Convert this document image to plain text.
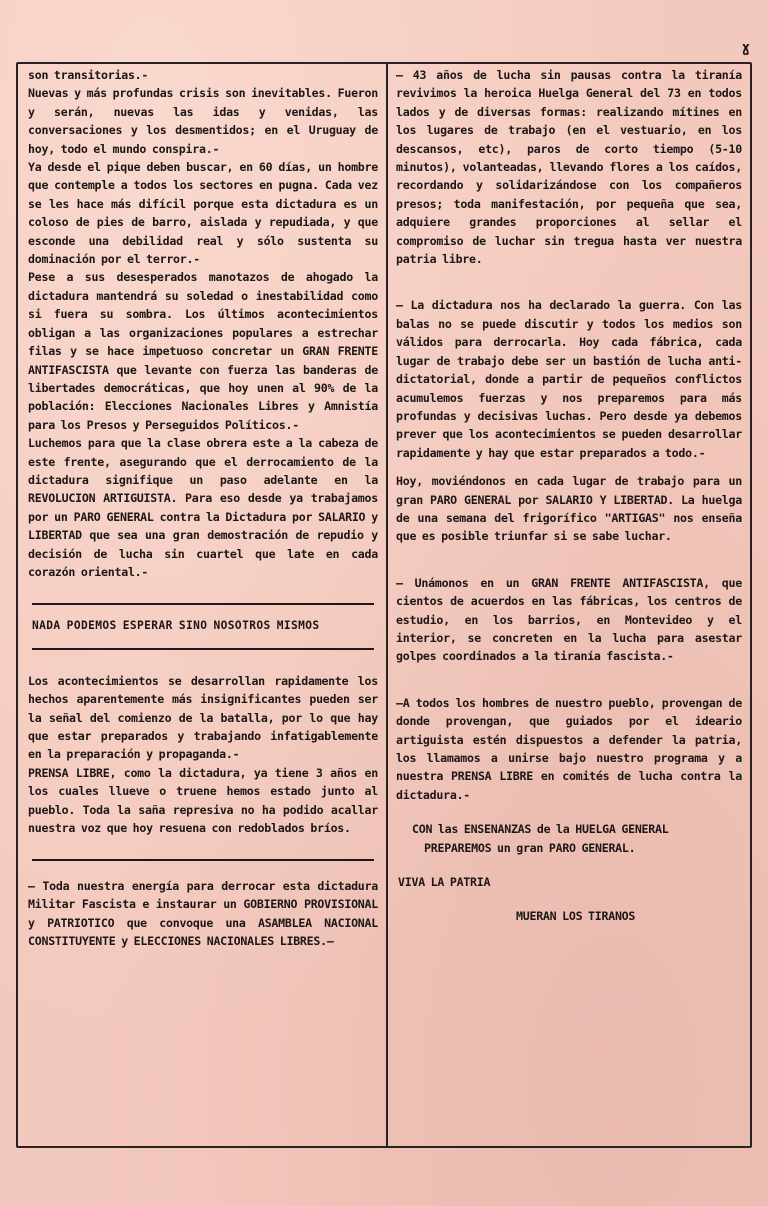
ɣ

son transitorias.-

Nuevas y más profundas crisis son inevitables. Fueron y serán, nuevas las idas y venidas, las conversaciones y los desmentidos; en el Uruguay de hoy, todo el mundo conspira.-

Ya desde el pique deben buscar, en 60 días, un hombre que contemple a todos los sectores en pugna. Cada vez se les hace más difícil porque esta dictadura es un coloso de pies de barro, aislada y repudiada, y que esconde una debilidad real y sólo sustenta su dominación por el terror.-

Pese a sus desesperados manotazos de ahogado la dictadura mantendrá su soledad o inestabilidad como si fuera su sombra. Los últimos acontecimientos obligan a las organizaciones populares a estrechar filas y se hace impetuoso concretar un GRAN FRENTE ANTIFASCISTA que levante con fuerza las banderas de libertades democráticas, que hoy unen al 90% de la población: Elecciones Nacionales Libres y Amnistía para los Presos y Perseguidos Políticos.-

Luchemos para que la clase obrera este a la cabeza de este frente, asegurando que el derrocamiento de la dictadura signifique un paso adelante en la REVOLUCION ARTIGUISTA. Para eso desde ya trabajamos por un PARO GENERAL contra la Dictadura por SALARIO y LIBERTAD que sea una gran demostración de repudio y decisión de lucha sin cuartel que late en cada corazón oriental.-

NADA PODEMOS ESPERAR SINO NOSOTROS MISMOS

Los acontecimientos se desarrollan rapidamente los hechos aparentemente más insignificantes pueden ser la señal del comienzo de la batalla, por lo que hay que estar preparados y trabajando infatigablemente en la preparación y propaganda.-

PRENSA LIBRE, como la dictadura, ya tiene 3 años en los cuales llueve o truene hemos estado junto al pueblo. Toda la saña represiva no ha podido acallar nuestra voz que hoy resuena con redoblados bríos.

— Toda nuestra energía para derrocar esta dictadura Militar Fascista e instaurar un GOBIERNO PROVISIONAL y PATRIOTICO que convoque una ASAMBLEA NACIONAL CONSTITUYENTE y ELECCIONES NACIONALES LIBRES.—

— 43 años de lucha sin pausas contra la tiranía revivimos la heroica Huelga General del 73 en todos lados y de diversas formas: realizando mítines en los lugares de trabajo (en el vestuario, en los descansos, etc), paros de corto tiempo (5-10 minutos), volanteadas, llevando flores a los caídos, recordando y solidarizándose con los compañeros presos; toda manifestación, por pequeña que sea, adquiere grandes proporciones al sellar el compromiso de luchar sin tregua hasta ver nuestra patria libre.

— La dictadura nos ha declarado la guerra. Con las balas no se puede discutir y todos los medios son válidos para derrocarla. Hoy cada fábrica, cada lugar de trabajo debe ser un bastión de lucha anti-dictatorial, donde a partir de pequeños conflictos acumulemos fuerzas y nos preparemos para más profundas y decisivas luchas. Pero desde ya debemos prever que los acontecimientos se pueden desarrollar rapidamente y hay que estar preparados a todo.-

Hoy, moviéndonos en cada lugar de trabajo para un gran PARO GENERAL por SALARIO Y LIBERTAD. La huelga de una semana del frigorífico "ARTIGAS" nos enseña que es posible triunfar si se sabe luchar.

— Unámonos en un GRAN FRENTE ANTIFASCISTA, que cientos de acuerdos en las fábricas, los centros de estudio, en los barrios, en Montevideo y el interior, se concreten en la lucha para asestar golpes coordinados a la tiranía fascista.-

—A todos los hombres de nuestro pueblo, provengan de donde provengan, que guiados por el ideario artiguista estén dispuestos a defender la patria, los llamamos a unirse bajo nuestro programa y a nuestra PRENSA LIBRE en comités de lucha contra la dictadura.-

CON las ENSENANZAS de la HUELGA GENERAL

PREPAREMOS un gran PARO GENERAL.

VIVA LA PATRIA

MUERAN LOS TIRANOS
